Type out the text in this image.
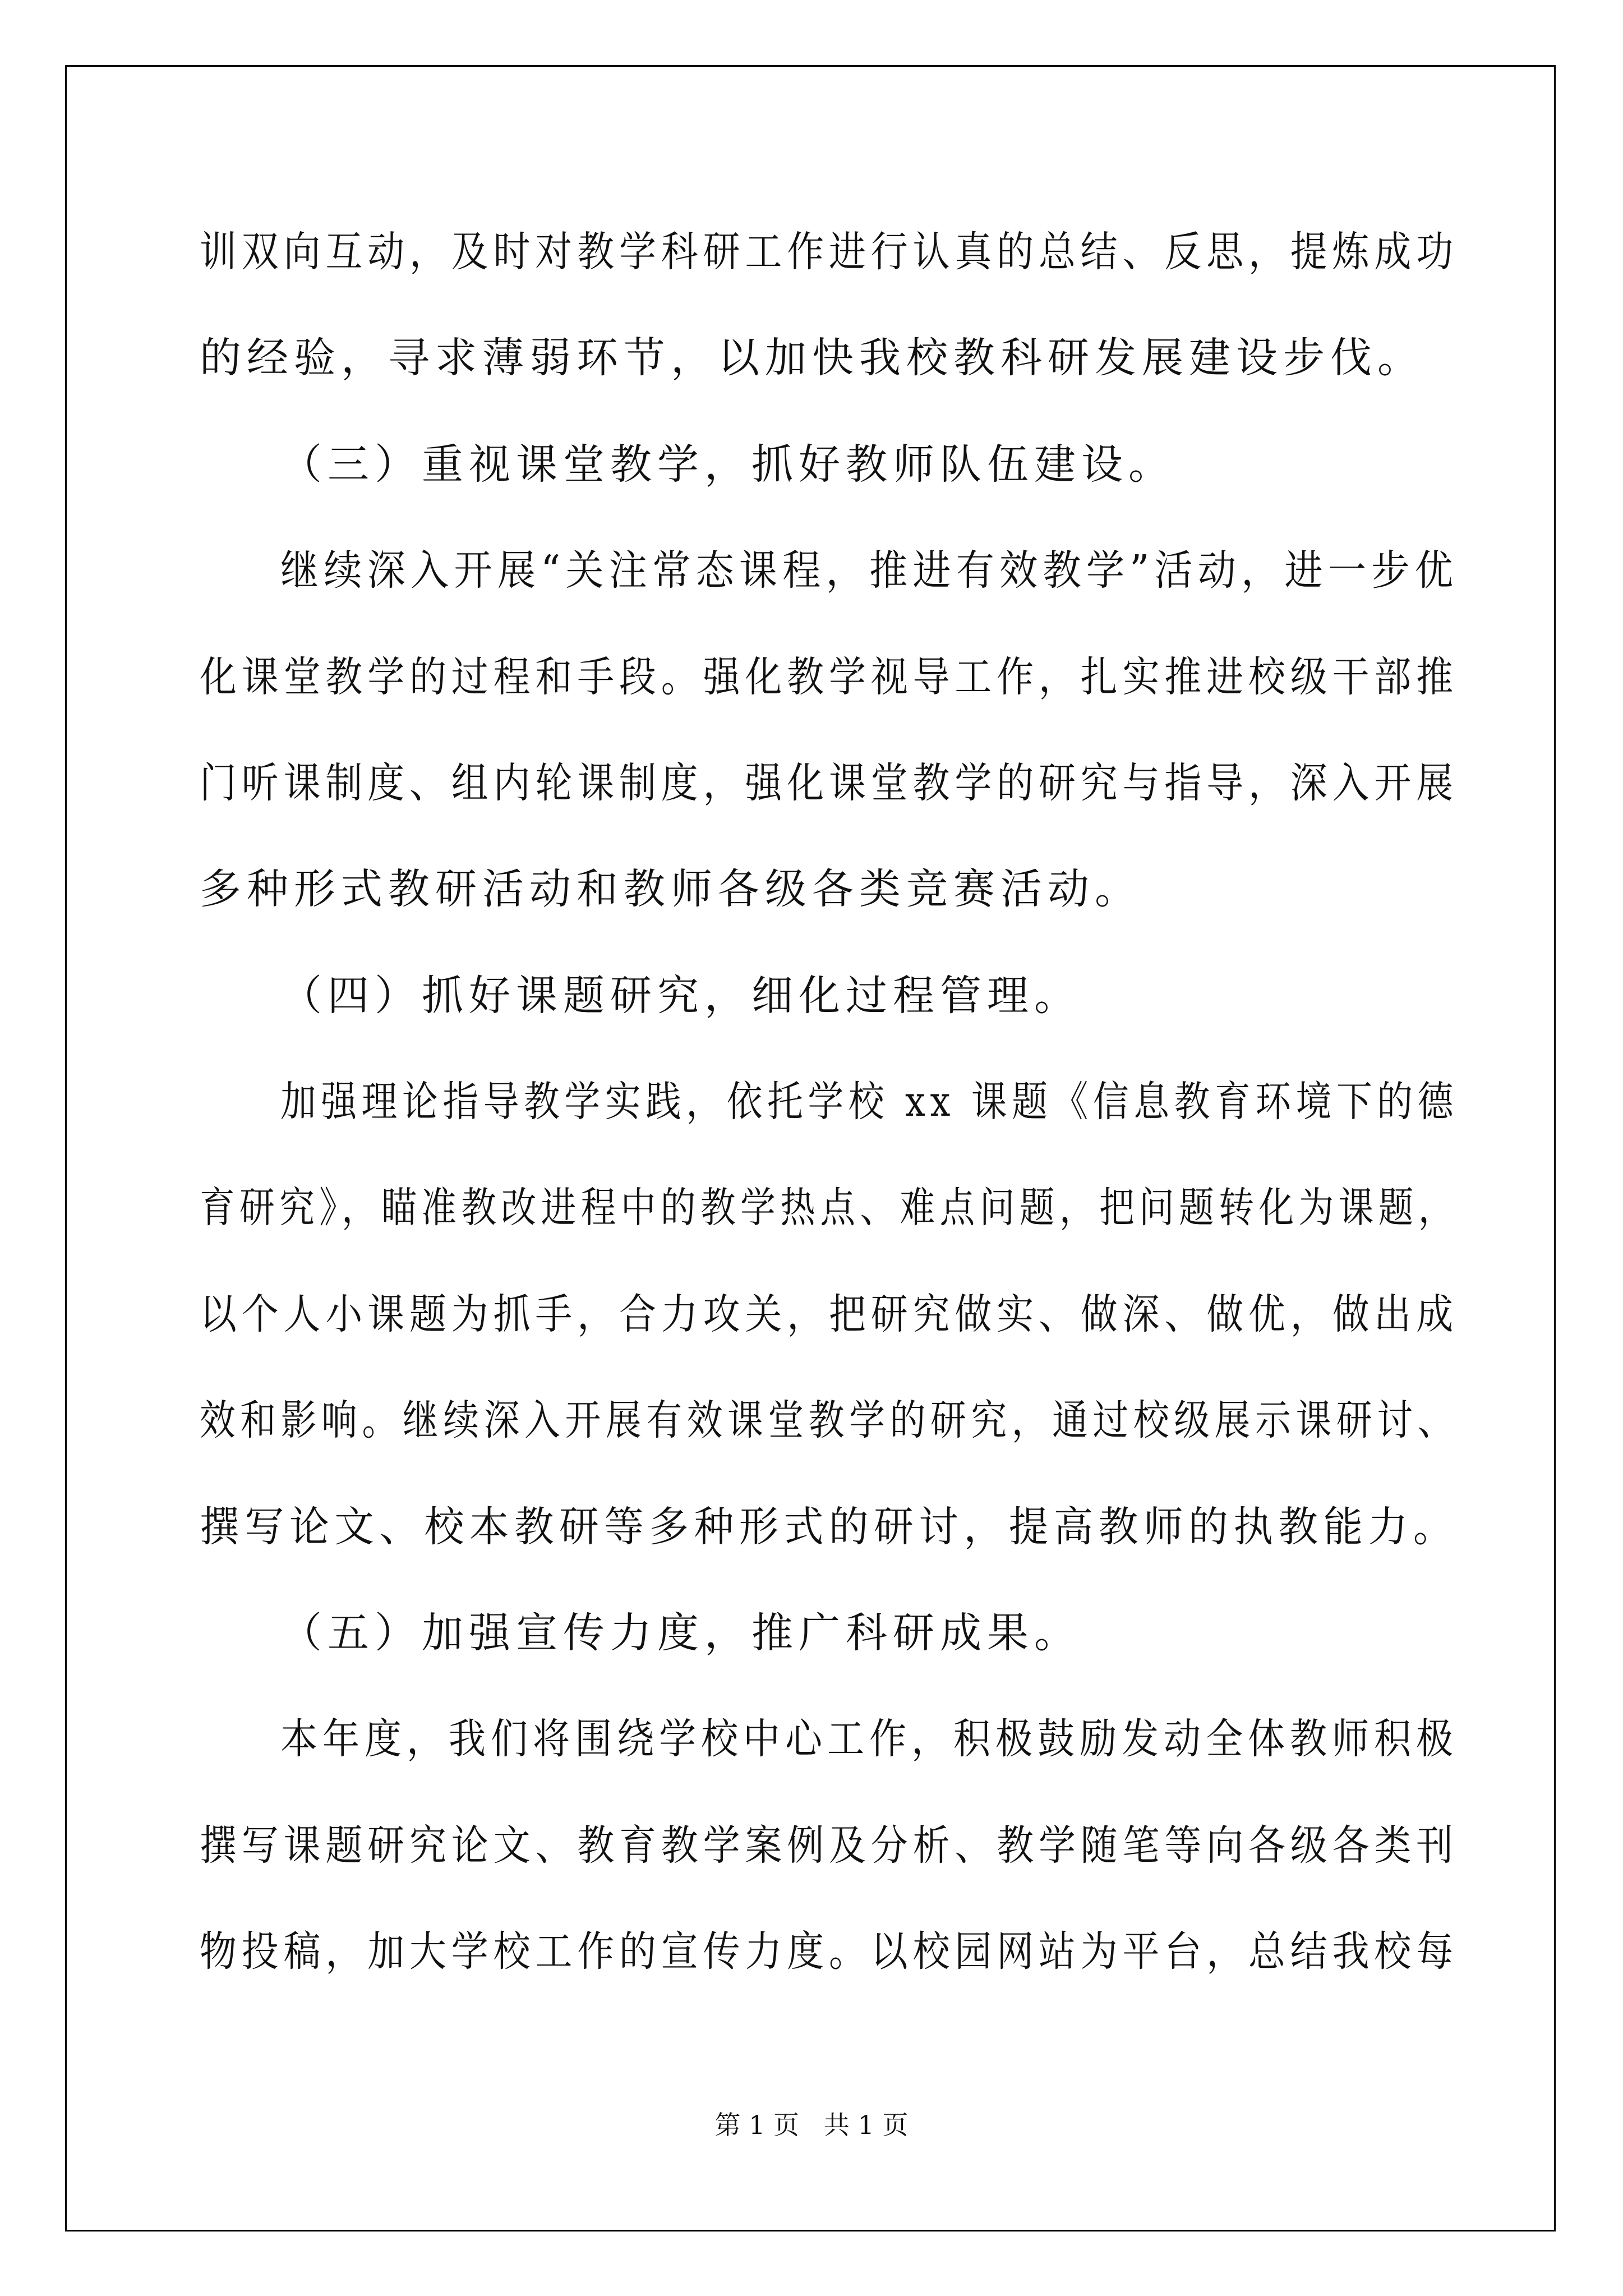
训双向互动，及时对教学科研工作进行认真的总结、反思，提炼成功

的经验，寻求薄弱环节，以加快我校教科研发展建设步伐。

（三）重视课堂教学，抓好教师队伍建设。

继续深入开展“关注常态课程，推进有效教学”活动，进一步优

化课堂教学的过程和手段。强化教学视导工作，扎实推进校级干部推

门听课制度、组内轮课制度，强化课堂教学的研究与指导，深入开展

多种形式教研活动和教师各级各类竞赛活动。

（四）抓好课题研究，细化过程管理。

加强理论指导教学实践，依托学校 xx 课题《信息教育环境下的德

育研究》，瞄准教改进程中的教学热点、难点问题，把问题转化为课题，

以个人小课题为抓手，合力攻关，把研究做实、做深、做优，做出成

效和影响。继续深入开展有效课堂教学的研究，通过校级展示课研讨、

撰写论文、校本教研等多种形式的研讨，提高教师的执教能力。

（五）加强宣传力度，推广科研成果。

本年度，我们将围绕学校中心工作，积极鼓励发动全体教师积极

撰写课题研究论文、教育教学案例及分析、教学随笔等向各级各类刊

物投稿，加大学校工作的宣传力度。以校园网站为平台，总结我校每

第 1 页   共 1 页
